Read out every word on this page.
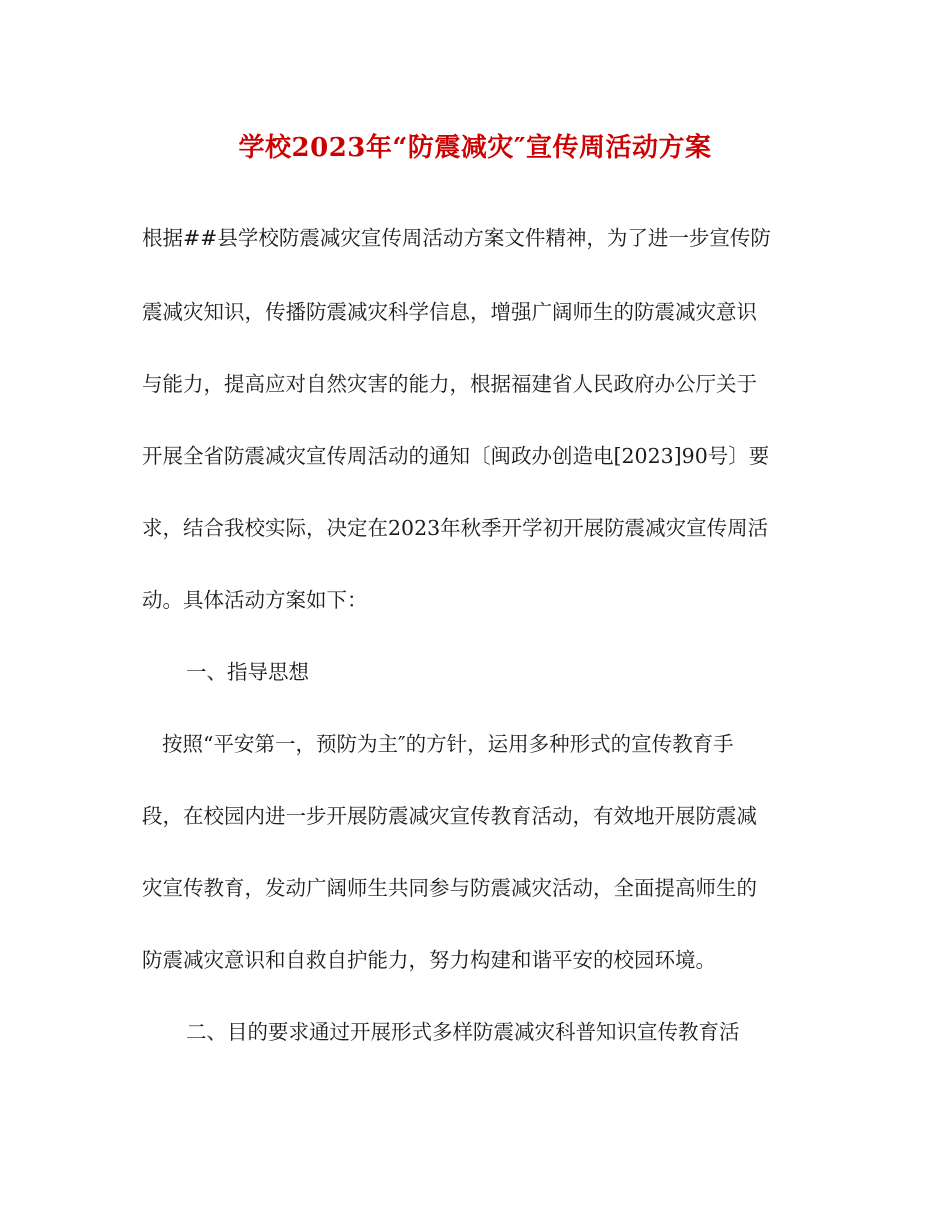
学校2023年“防震减灾″宣传周活动方案
根据##县学校防震减灾宣传周活动方案文件精神，为了进一步宣传防
震减灾知识，传播防震减灾科学信息，增强广阔师生的防震减灾意识
与能力，提高应对自然灾害的能力，根据福建省人民政府办公厅关于
开展全省防震减灾宣传周活动的通知〔闽政办创造电[2023]90号〕要
求，结合我校实际，决定在2023年秋季开学初开展防震减灾宣传周活
动。具体活动方案如下：
一、指导思想
按照“平安第一，预防为主″的方针，运用多种形式的宣传教育手
段，在校园内进一步开展防震减灾宣传教育活动，有效地开展防震减
灾宣传教育，发动广阔师生共同参与防震减灾活动，全面提高师生的
防震减灾意识和自救自护能力，努力构建和谐平安的校园环境。
二、目的要求通过开展形式多样防震减灾科普知识宣传教育活
